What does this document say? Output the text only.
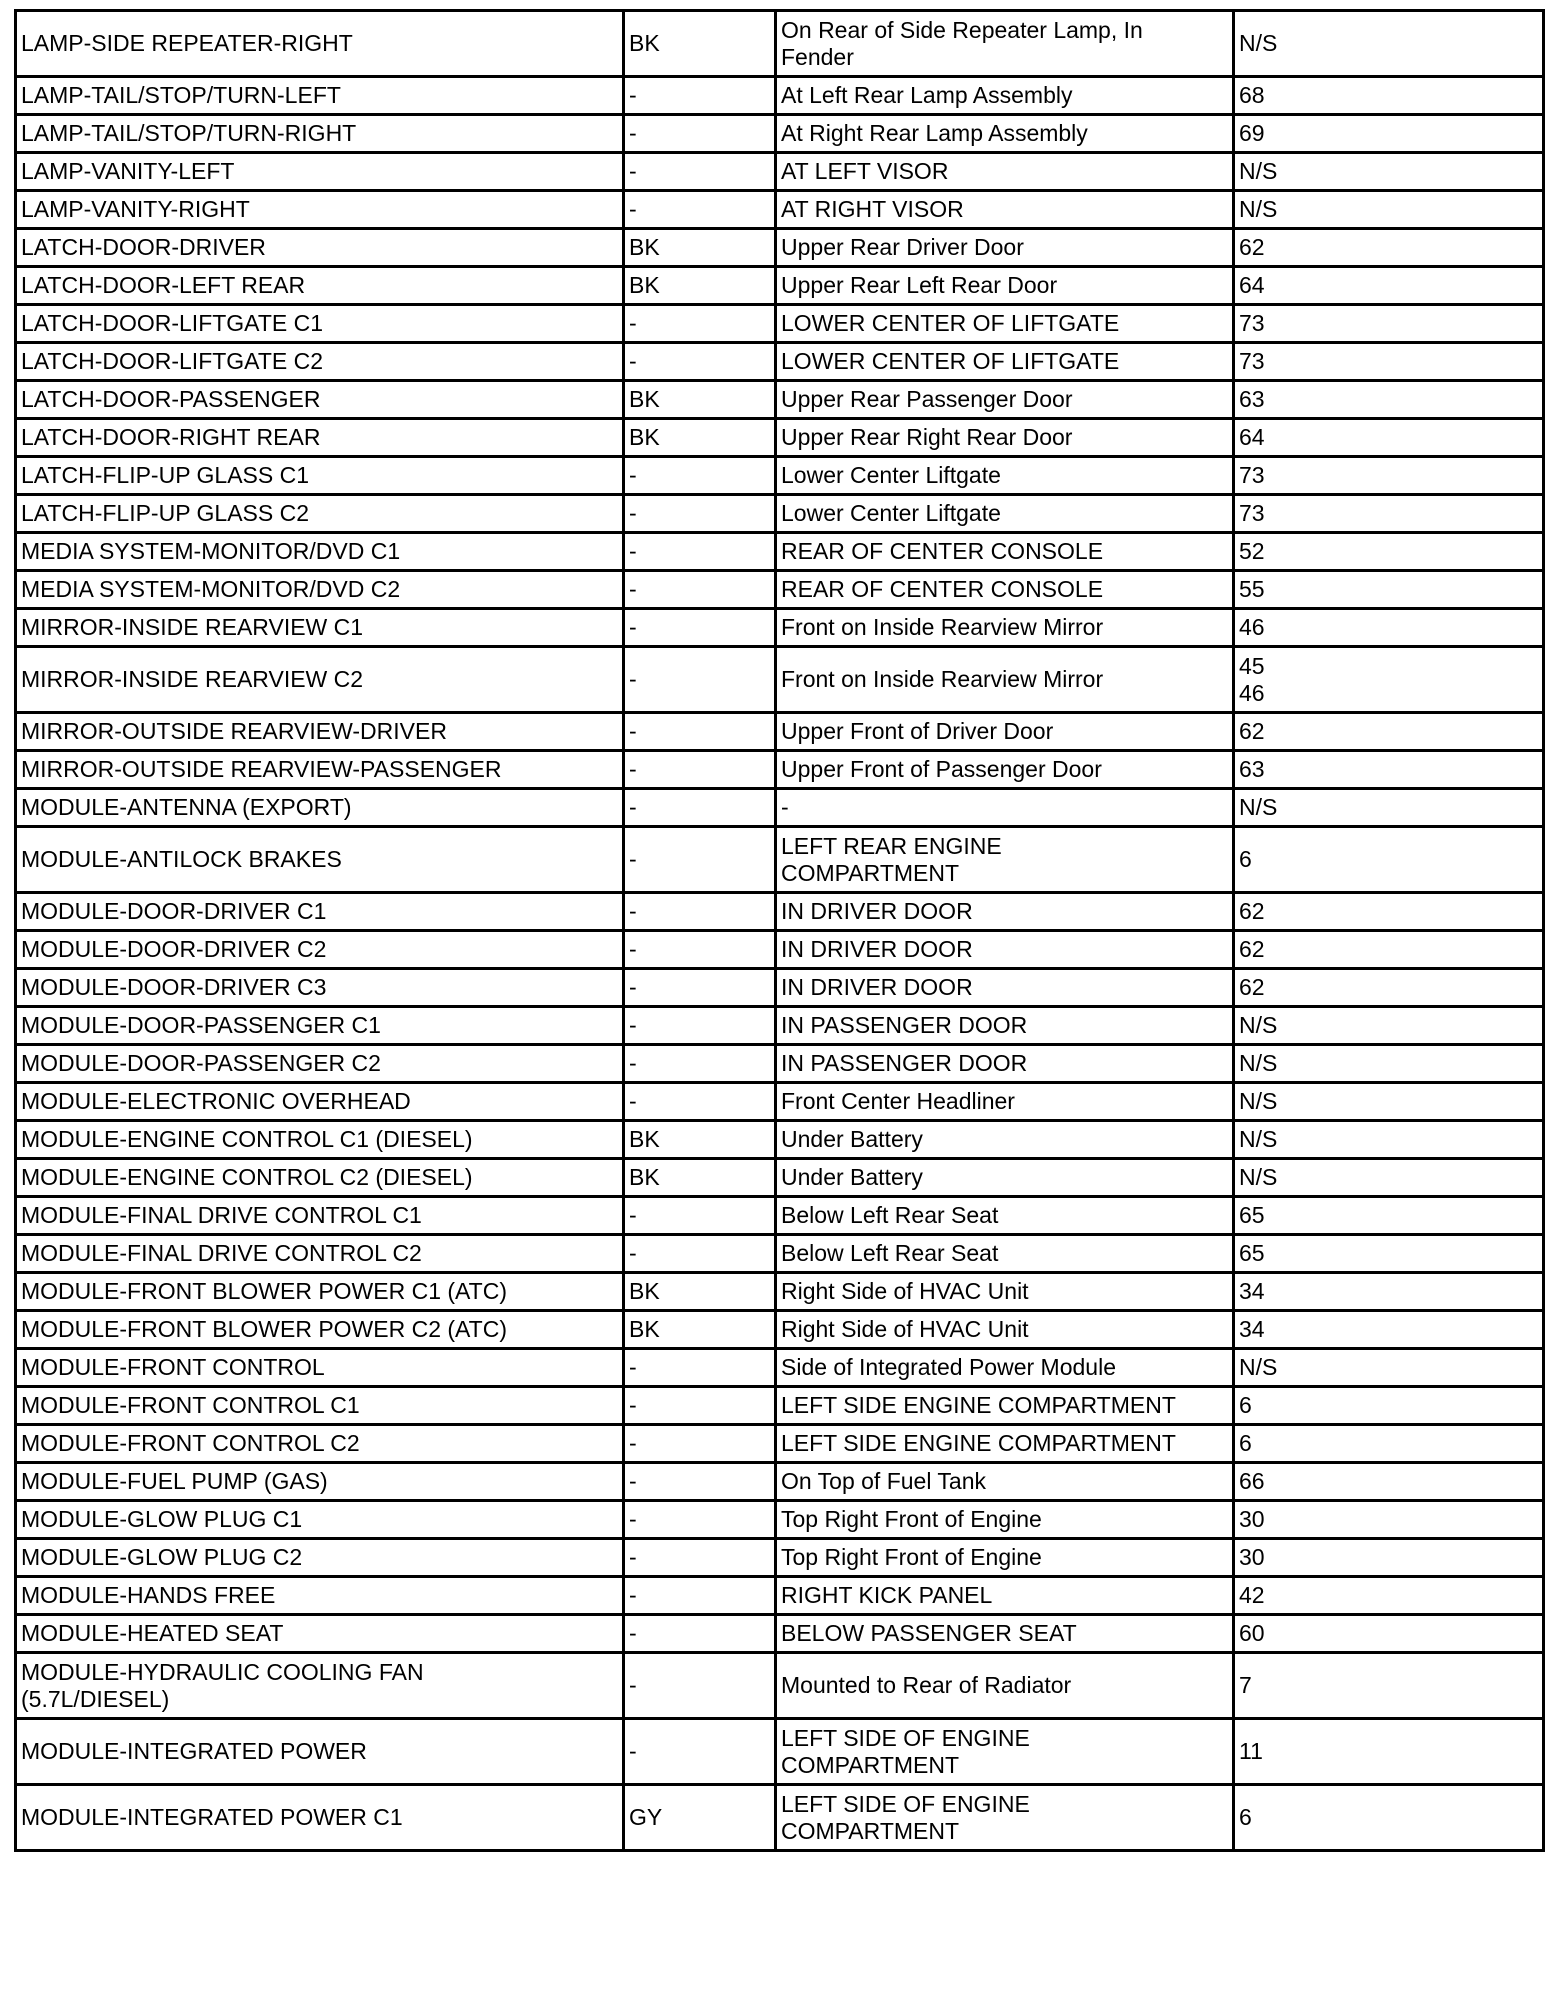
LAMP-SIDE REPEATER-RIGHT	BK	On Rear of Side Repeater Lamp, In
Fender	N/S
LAMP-TAIL/STOP/TURN-LEFT	-	At Left Rear Lamp Assembly	68
LAMP-TAIL/STOP/TURN-RIGHT	-	At Right Rear Lamp Assembly	69
LAMP-VANITY-LEFT	-	AT LEFT VISOR	N/S
LAMP-VANITY-RIGHT	-	AT RIGHT VISOR	N/S
LATCH-DOOR-DRIVER	BK	Upper Rear Driver Door	62
LATCH-DOOR-LEFT REAR	BK	Upper Rear Left Rear Door	64
LATCH-DOOR-LIFTGATE C1	-	LOWER CENTER OF LIFTGATE	73
LATCH-DOOR-LIFTGATE C2	-	LOWER CENTER OF LIFTGATE	73
LATCH-DOOR-PASSENGER	BK	Upper Rear Passenger Door	63
LATCH-DOOR-RIGHT REAR	BK	Upper Rear Right Rear Door	64
LATCH-FLIP-UP GLASS C1	-	Lower Center Liftgate	73
LATCH-FLIP-UP GLASS C2	-	Lower Center Liftgate	73
MEDIA SYSTEM-MONITOR/DVD C1	-	REAR OF CENTER CONSOLE	52
MEDIA SYSTEM-MONITOR/DVD C2	-	REAR OF CENTER CONSOLE	55
MIRROR-INSIDE REARVIEW C1	-	Front on Inside Rearview Mirror	46
MIRROR-INSIDE REARVIEW C2	-	Front on Inside Rearview Mirror	45
46
MIRROR-OUTSIDE REARVIEW-DRIVER	-	Upper Front of Driver Door	62
MIRROR-OUTSIDE REARVIEW-PASSENGER	-	Upper Front of Passenger Door	63
MODULE-ANTENNA (EXPORT)	-	-	N/S
MODULE-ANTILOCK BRAKES	-	LEFT REAR ENGINE
COMPARTMENT	6
MODULE-DOOR-DRIVER C1	-	IN DRIVER DOOR	62
MODULE-DOOR-DRIVER C2	-	IN DRIVER DOOR	62
MODULE-DOOR-DRIVER C3	-	IN DRIVER DOOR	62
MODULE-DOOR-PASSENGER C1	-	IN PASSENGER DOOR	N/S
MODULE-DOOR-PASSENGER C2	-	IN PASSENGER DOOR	N/S
MODULE-ELECTRONIC OVERHEAD	-	Front Center Headliner	N/S
MODULE-ENGINE CONTROL C1 (DIESEL)	BK	Under Battery	N/S
MODULE-ENGINE CONTROL C2 (DIESEL)	BK	Under Battery	N/S
MODULE-FINAL DRIVE CONTROL C1	-	Below Left Rear Seat	65
MODULE-FINAL DRIVE CONTROL C2	-	Below Left Rear Seat	65
MODULE-FRONT BLOWER POWER C1 (ATC)	BK	Right Side of HVAC Unit	34
MODULE-FRONT BLOWER POWER C2 (ATC)	BK	Right Side of HVAC Unit	34
MODULE-FRONT CONTROL	-	Side of Integrated Power Module	N/S
MODULE-FRONT CONTROL C1	-	LEFT SIDE ENGINE COMPARTMENT	6
MODULE-FRONT CONTROL C2	-	LEFT SIDE ENGINE COMPARTMENT	6
MODULE-FUEL PUMP (GAS)	-	On Top of Fuel Tank	66
MODULE-GLOW PLUG C1	-	Top Right Front of Engine	30
MODULE-GLOW PLUG C2	-	Top Right Front of Engine	30
MODULE-HANDS FREE	-	RIGHT KICK PANEL	42
MODULE-HEATED SEAT	-	BELOW PASSENGER SEAT	60
MODULE-HYDRAULIC COOLING FAN
(5.7L/DIESEL)	-	Mounted to Rear of Radiator	7
MODULE-INTEGRATED POWER	-	LEFT SIDE OF ENGINE
COMPARTMENT	11
MODULE-INTEGRATED POWER C1	GY	LEFT SIDE OF ENGINE
COMPARTMENT	6
